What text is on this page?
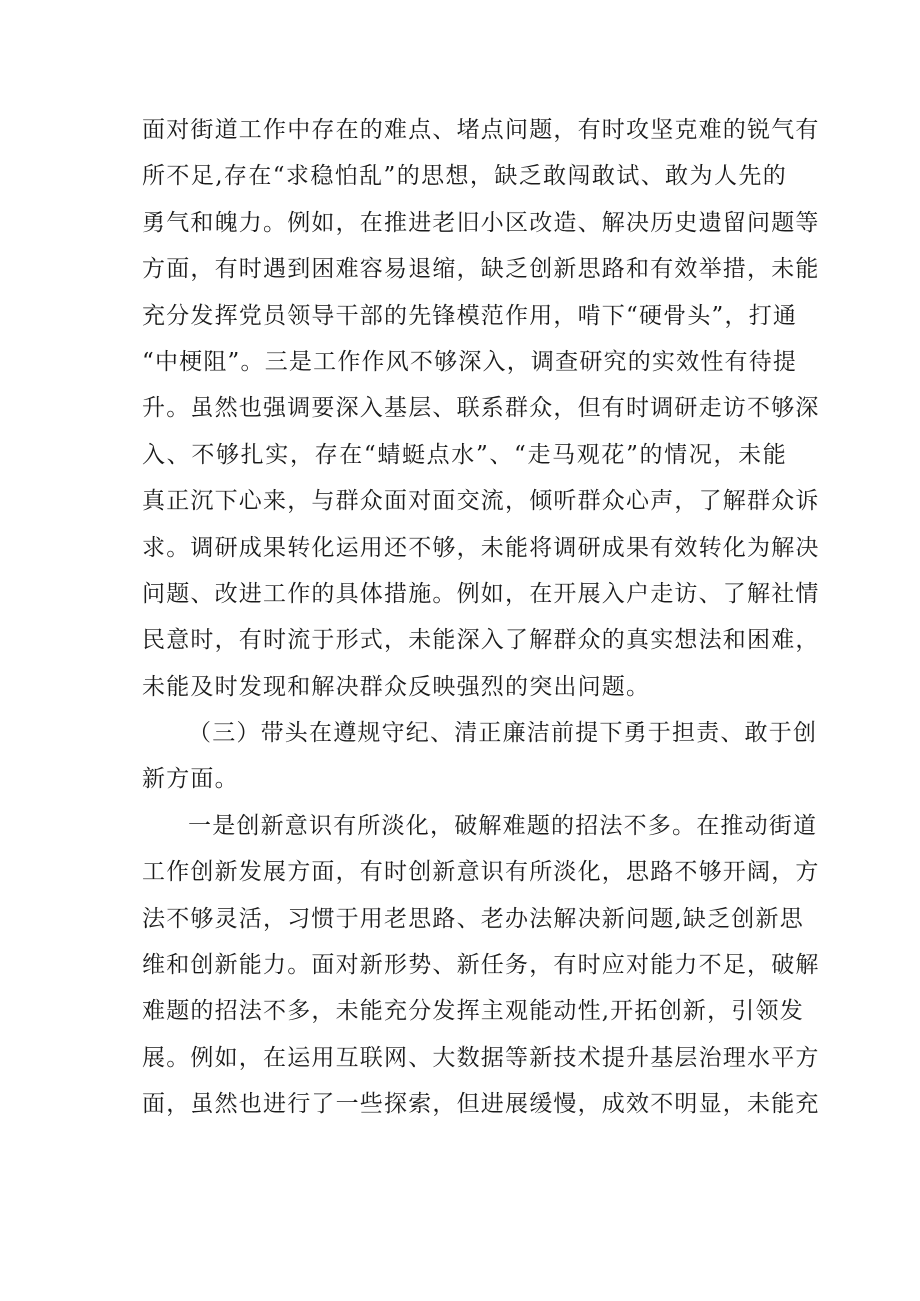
面对街道工作中存在的难点、堵点问题，有时攻坚克难的锐气有
所不足,存在“求稳怕乱”的思想，缺乏敢闯敢试、敢为人先的
勇气和魄力。例如，在推进老旧小区改造、解决历史遗留问题等
方面，有时遇到困难容易退缩，缺乏创新思路和有效举措，未能
充分发挥党员领导干部的先锋模范作用，啃下“硬骨头”，打通
“中梗阻”。三是工作作风不够深入，调查研究的实效性有待提
升。虽然也强调要深入基层、联系群众，但有时调研走访不够深
入、不够扎实，存在“蜻蜓点水”、“走马观花”的情况，未能
真正沉下心来，与群众面对面交流，倾听群众心声，了解群众诉
求。调研成果转化运用还不够，未能将调研成果有效转化为解决
问题、改进工作的具体措施。例如，在开展入户走访、了解社情
民意时，有时流于形式，未能深入了解群众的真实想法和困难，
未能及时发现和解决群众反映强烈的突出问题。
（三）带头在遵规守纪、清正廉洁前提下勇于担责、敢于创
新方面。
一是创新意识有所淡化，破解难题的招法不多。在推动街道
工作创新发展方面，有时创新意识有所淡化，思路不够开阔，方
法不够灵活，习惯于用老思路、老办法解决新问题,缺乏创新思
维和创新能力。面对新形势、新任务，有时应对能力不足，破解
难题的招法不多，未能充分发挥主观能动性,开拓创新，引领发
展。例如，在运用互联网、大数据等新技术提升基层治理水平方
面，虽然也进行了一些探索，但进展缓慢，成效不明显，未能充
